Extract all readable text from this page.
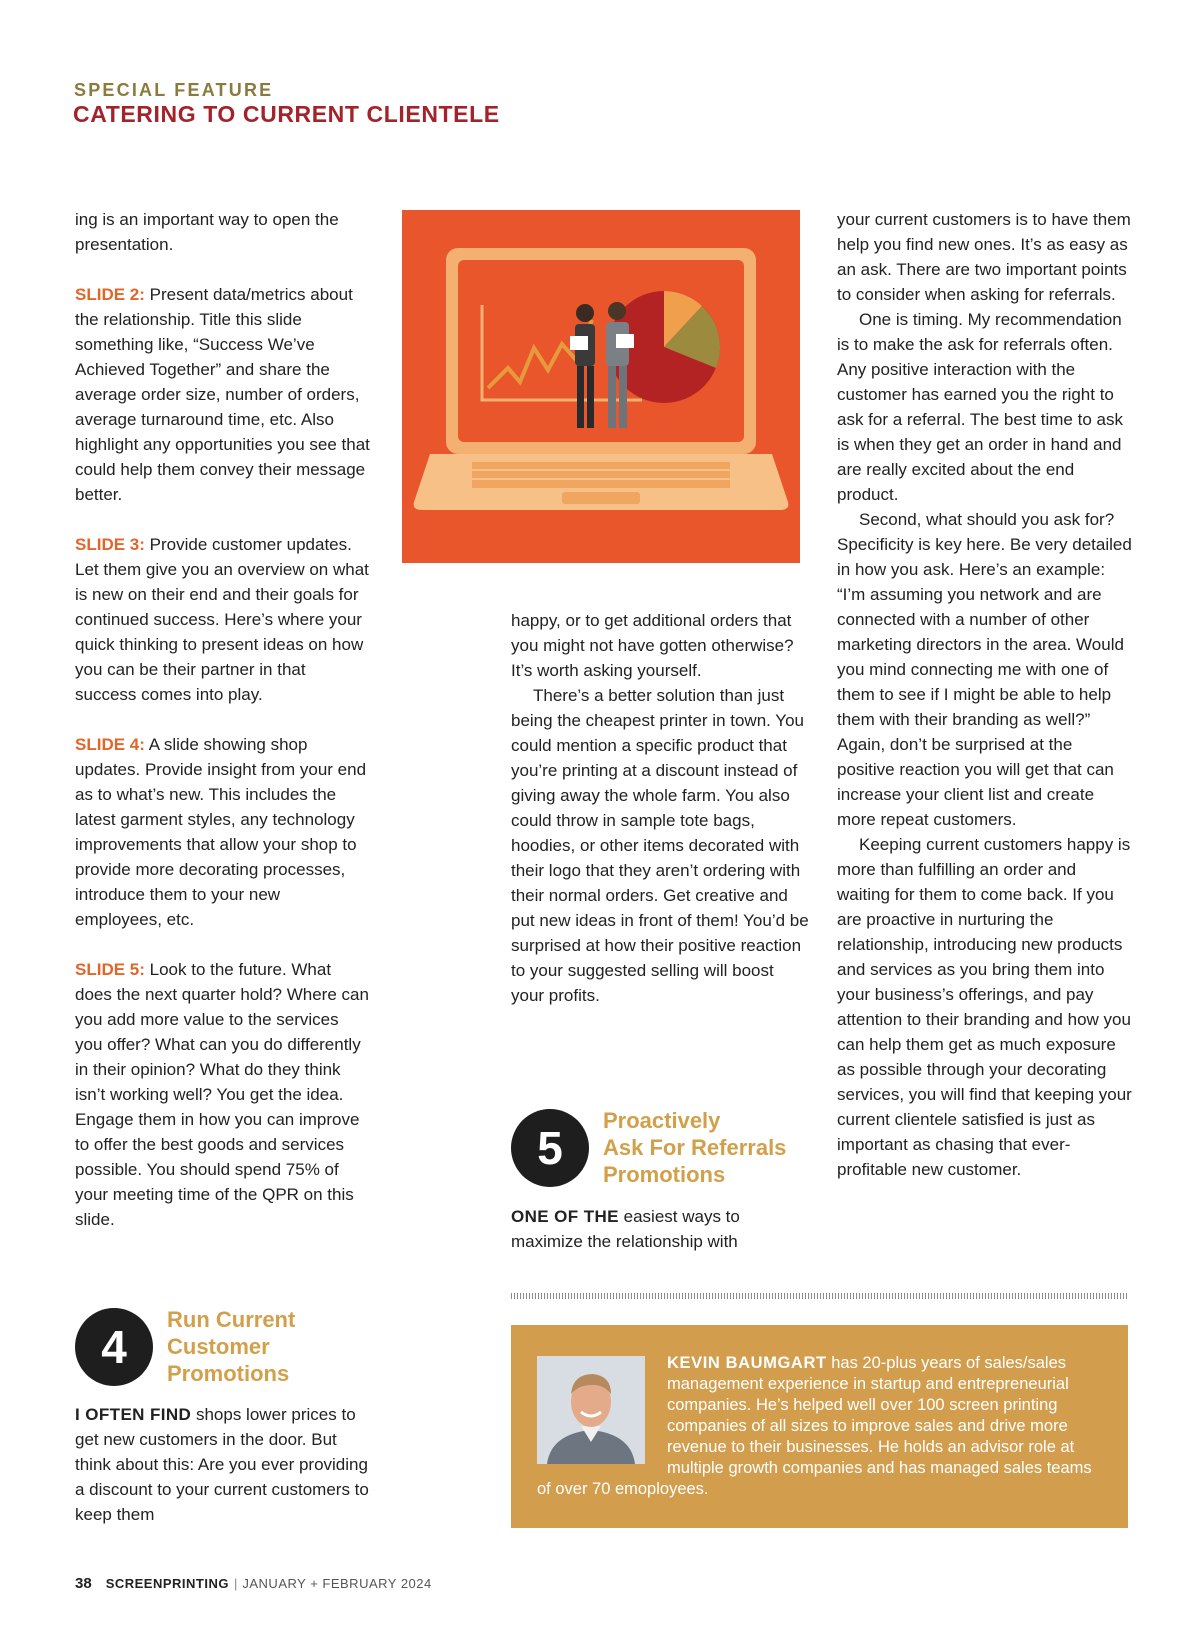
SPECIAL FEATURE
CATERING TO CURRENT CLIENTELE

ing is an important way to open the presentation.

SLIDE 2: Present data/metrics about the relationship. Title this slide something like, “Success We’ve Achieved Together” and share the average order size, number of orders, average turnaround time, etc. Also highlight any opportunities you see that could help them convey their message better.

SLIDE 3: Provide customer updates. Let them give you an overview on what is new on their end and their goals for continued success. Here’s where your quick thinking to present ideas on how you can be their partner in that success comes into play.

SLIDE 4: A slide showing shop updates. Provide insight from your end as to what’s new. This includes the latest garment styles, any technology improvements that allow your shop to provide more decorating processes, introduce them to your new employees, etc.

SLIDE 5: Look to the future. What does the next quarter hold? Where can you add more value to the services you offer? What can you do differently in their opinion? What do they think isn’t working well? You get the idea. Engage them in how you can improve to offer the best goods and services possible. You should spend 75% of your meeting time of the QPR on this slide.

4
Run Current
Customer
Promotions

I OFTEN FIND shops lower prices to get new customers in the door. But think about this: Are you ever providing a discount to your current customers to keep them

happy, or to get additional orders that you might not have gotten otherwise? It’s worth asking yourself.

There’s a better solution than just being the cheapest printer in town. You could mention a specific product that you’re printing at a discount instead of giving away the whole farm. You also could throw in sample tote bags, hoodies, or other items decorated with their logo that they aren’t ordering with their normal orders. Get creative and put new ideas in front of them! You’d be surprised at how their positive reaction to your suggested selling will boost your profits.

5
Proactively
Ask For Referrals
Promotions

ONE OF THE easiest ways to maximize the relationship with

your current customers is to have them help you find new ones. It’s as easy as an ask. There are two important points to consider when asking for referrals.

One is timing. My recommendation is to make the ask for referrals often. Any positive interaction with the customer has earned you the right to ask for a referral. The best time to ask is when they get an order in hand and are really excited about the end product.

Second, what should you ask for? Specificity is key here. Be very detailed in how you ask. Here’s an example: “I’m assuming you network and are connected with a number of other marketing directors in the area. Would you mind connecting me with one of them to see if I might be able to help them with their branding as well?” Again, don’t be surprised at the positive reaction you will get that can increase your client list and create more repeat customers.

Keeping current customers happy is more than fulfilling an order and waiting for them to come back. If you are proactive in nurturing the relationship, introducing new products and services as you bring them into your business’s offerings, and pay attention to their branding and how you can help them get as much exposure as possible through your decorating services, you will find that keeping your current clientele satisfied is just as important as chasing that ever-profitable new customer.

KEVIN BAUMGART has 20-plus years of sales/sales management experience in startup and entrepreneurial companies. He’s helped well over 100 screen printing companies of all sizes to improve sales and drive more revenue to their businesses. He holds an advisor role at multiple growth companies and has managed sales teams of over 70 emoployees.
38 SCREENPRINTING | JANUARY + FEBRUARY 2024
